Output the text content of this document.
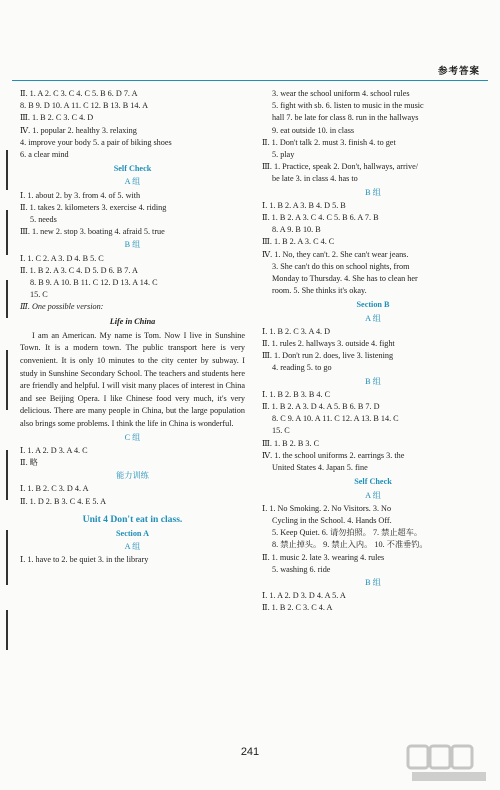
参考答案
Ⅱ. 1. A 2. C 3. C 4. C 5. B 6. D 7. A
8. B 9. D 10. A 11. C 12. B 13. B 14. A
Ⅲ. 1. B 2. C 3. C 4. D
Ⅳ. 1. popular 2. healthy 3. relaxing
4. improve your body 5. a pair of biking shoes
6. a clear mind
Self Check
A 组
Ⅰ. 1. about 2. by 3. from 4. of 5. with
Ⅱ. 1. takes 2. kilometers 3. exercise 4. riding
5. needs
Ⅲ. 1. new 2. stop 3. boating 4. afraid 5. true
B 组
Ⅰ. 1. C 2. A 3. D 4. B 5. C
Ⅱ. 1. B 2. A 3. C 4. D 5. D 6. B 7. A
8. B 9. A 10. B 11. C 12. D 13. A 14. C
15. C
Ⅲ. One possible version:
Life in China

I am an American. My name is Tom. Now I live in Sunshine Town. It is a modern town. The public transport here is very convenient. It is only 10 minutes to the city center by subway. I study in Sunshine Secondary School. The teachers and students here are friendly and helpful. I will visit many places of interest in China and see Beijing Opera. I like Chinese food very much, it's very delicious. There are many people in China, but the large population also brings some problems. I think the life in China is wonderful.

C 组
Ⅰ. 1. A 2. D 3. A 4. C
Ⅱ. 略
能力训练
Ⅰ. 1. B 2. C 3. D 4. A
Ⅱ. 1. D 2. B 3. C 4. E 5. A
Unit 4 Don't eat in class.
Section A
A 组
Ⅰ. 1. have to 2. be quiet 3. in the library
3. wear the school uniform 4. school rules
5. fight with sb. 6. listen to music in the music
hall 7. be late for class 8. run in the hallways
9. eat outside 10. in class
Ⅱ. 1. Don't talk 2. must 3. finish 4. to get
5. play
Ⅲ. 1. Practice, speak 2. Don't, hallways, arrive/
be late 3. in class 4. has to
B 组
Ⅰ. 1. B 2. A 3. B 4. D 5. B
Ⅱ. 1. B 2. A 3. C 4. C 5. B 6. A 7. B
8. A 9. B 10. B
Ⅲ. 1. B 2. A 3. C 4. C
Ⅳ. 1. No, they can't. 2. She can't wear jeans.
3. She can't do this on school nights, from
Monday to Thursday. 4. She has to clean her
room. 5. She thinks it's okay.
Section B
A 组
Ⅰ. 1. B 2. C 3. A 4. D
Ⅱ. 1. rules 2. hallways 3. outside 4. fight
Ⅲ. 1. Don't run 2. does, live 3. listening
4. reading 5. to go
B 组
Ⅰ. 1. B 2. B 3. B 4. C
Ⅱ. 1. B 2. A 3. D 4. A 5. B 6. B 7. D
8. C 9. A 10. A 11. C 12. A 13. B 14. C
15. C
Ⅲ. 1. B 2. B 3. C
Ⅳ. 1. the school uniforms 2. earrings 3. the
United States 4. Japan 5. fine
Self Check
A 组
Ⅰ. 1. No Smoking. 2. No Visitors. 3. No
Cycling in the School. 4. Hands Off.
5. Keep Quiet. 6. 请勿拍照。 7. 禁止超车。
8. 禁止掉头。 9. 禁止入内。 10. 不准垂钓。
Ⅱ. 1. music 2. late 3. wearing 4. rules
5. washing 6. ride
B 组
Ⅰ. 1. A 2. D 3. D 4. A 5. A
Ⅱ. 1. B 2. C 3. C 4. A
241
